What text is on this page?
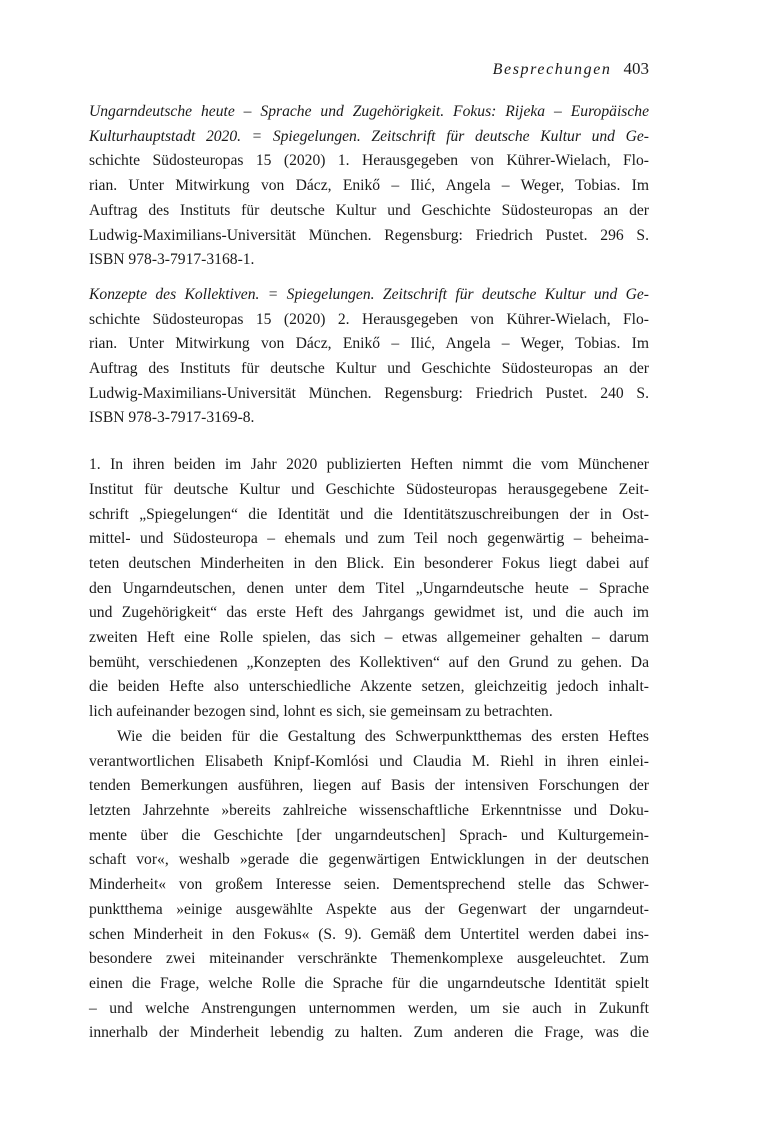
Besprechungen 403

Ungarndeutsche heute – Sprache und Zugehörigkeit. Fokus: Rijeka – Europäische
Kulturhauptstadt 2020. = Spiegelungen. Zeitschrift für deutsche Kultur und Ge-
schichte Südosteuropas 15 (2020) 1. Herausgegeben von Kührer-Wielach, Flo-
rian. Unter Mitwirkung von Dácz, Enikő – Ilić, Angela – Weger, Tobias. Im
Auftrag des Instituts für deutsche Kultur und Geschichte Südosteuropas an der
Ludwig-Maximilians-Universität München. Regensburg: Friedrich Pustet. 296 S.
ISBN 978-3-7917-3168-1.

Konzepte des Kollektiven. = Spiegelungen. Zeitschrift für deutsche Kultur und Ge-
schichte Südosteuropas 15 (2020) 2. Herausgegeben von Kührer-Wielach, Flo-
rian. Unter Mitwirkung von Dácz, Enikő – Ilić, Angela – Weger, Tobias. Im
Auftrag des Instituts für deutsche Kultur und Geschichte Südosteuropas an der
Ludwig-Maximilians-Universität München. Regensburg: Friedrich Pustet. 240 S.
ISBN 978-3-7917-3169-8.

1. In ihren beiden im Jahr 2020 publizierten Heften nimmt die vom Münchener
Institut für deutsche Kultur und Geschichte Südosteuropas herausgegebene Zeit-
schrift „Spiegelungen“ die Identität und die Identitätszuschreibungen der in Ost-
mittel- und Südosteuropa – ehemals und zum Teil noch gegenwärtig – beheima-
teten deutschen Minderheiten in den Blick. Ein besonderer Fokus liegt dabei auf
den Ungarndeutschen, denen unter dem Titel „Ungarndeutsche heute – Sprache
und Zugehörigkeit“ das erste Heft des Jahrgangs gewidmet ist, und die auch im
zweiten Heft eine Rolle spielen, das sich – etwas allgemeiner gehalten – darum
bemüht, verschiedenen „Konzepten des Kollektiven“ auf den Grund zu gehen. Da
die beiden Hefte also unterschiedliche Akzente setzen, gleichzeitig jedoch inhalt-
lich aufeinander bezogen sind, lohnt es sich, sie gemeinsam zu betrachten.

Wie die beiden für die Gestaltung des Schwerpunktthemas des ersten Heftes
verantwortlichen Elisabeth Knipf-Komlósi und Claudia M. Riehl in ihren einlei-
tenden Bemerkungen ausführen, liegen auf Basis der intensiven Forschungen der
letzten Jahrzehnte »bereits zahlreiche wissenschaftliche Erkenntnisse und Doku-
mente über die Geschichte [der ungarndeutschen] Sprach- und Kulturgemein-
schaft vor«, weshalb »gerade die gegenwärtigen Entwicklungen in der deutschen
Minderheit« von großem Interesse seien. Dementsprechend stelle das Schwer-
punktthema »einige ausgewählte Aspekte aus der Gegenwart der ungarndeut-
schen Minderheit in den Fokus« (S. 9). Gemäß dem Untertitel werden dabei ins-
besondere zwei miteinander verschränkte Themenkomplexe ausgeleuchtet. Zum
einen die Frage, welche Rolle die Sprache für die ungarndeutsche Identität spielt
– und welche Anstrengungen unternommen werden, um sie auch in Zukunft
innerhalb der Minderheit lebendig zu halten. Zum anderen die Frage, was die
